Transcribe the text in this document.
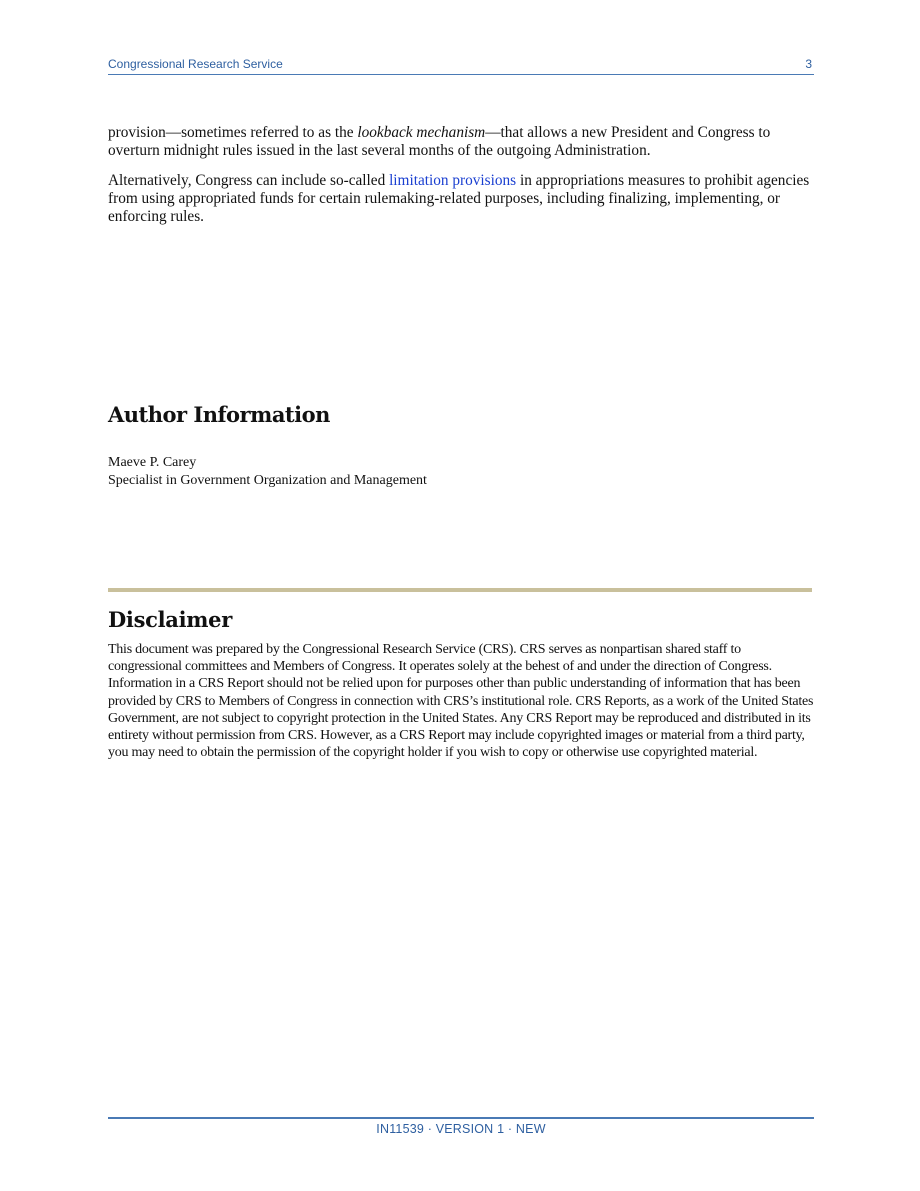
Congressional Research Service	3

provision—sometimes referred to as the lookback mechanism—that allows a new President and Congress to overturn midnight rules issued in the last several months of the outgoing Administration.

Alternatively, Congress can include so-called limitation provisions in appropriations measures to prohibit agencies from using appropriated funds for certain rulemaking-related purposes, including finalizing, implementing, or enforcing rules.

Author Information
Maeve P. Carey
Specialist in Government Organization and Management
Disclaimer

This document was prepared by the Congressional Research Service (CRS). CRS serves as nonpartisan shared staff to congressional committees and Members of Congress. It operates solely at the behest of and under the direction of Congress. Information in a CRS Report should not be relied upon for purposes other than public understanding of information that has been provided by CRS to Members of Congress in connection with CRS’s institutional role. CRS Reports, as a work of the United States Government, are not subject to copyright protection in the United States. Any CRS Report may be reproduced and distributed in its entirety without permission from CRS. However, as a CRS Report may include copyrighted images or material from a third party, you may need to obtain the permission of the copyright holder if you wish to copy or otherwise use copyrighted material.

IN11539 · VERSION 1 · NEW
